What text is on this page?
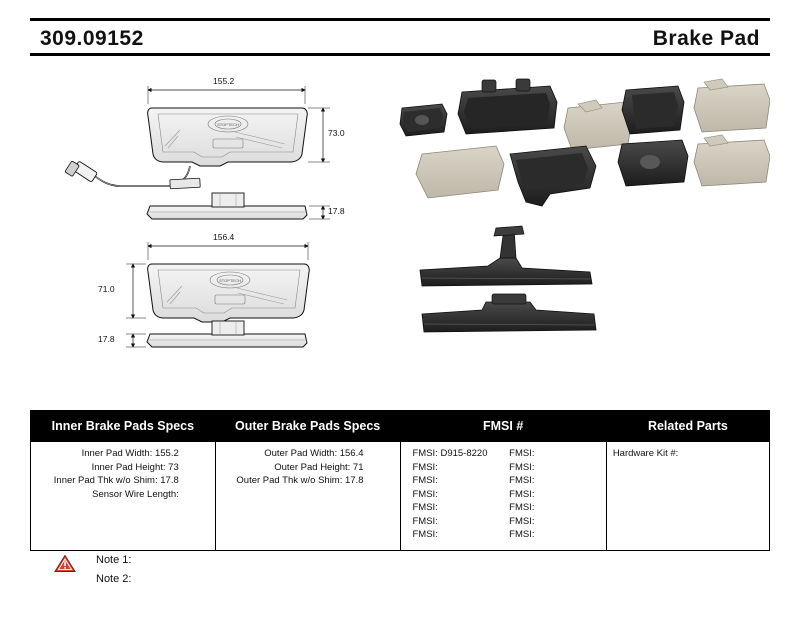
309.09152	Brake Pad
STOPTECH
STOPTECH
155.2
73.0
17.8
156.4
71.0
17.8
Inner Brake Pads Specs	Outer Brake Pads Specs	FMSI #	Related Parts

Inner Pad Width: 155.2
Inner Pad Height: 73
Inner Pad Thk w/o Shim: 17.8
Sensor Wire Length:

Outer Pad Width: 156.4
Outer Pad Height: 71
Outer Pad Thk w/o Shim: 17.8

FMSI: D915-8220
FMSI:
FMSI:
FMSI:
FMSI:
FMSI:
FMSI:
FMSI:
FMSI:
FMSI:
FMSI:
FMSI:
FMSI:
FMSI:

Hardware Kit #:
Note 1:
Note 2:
